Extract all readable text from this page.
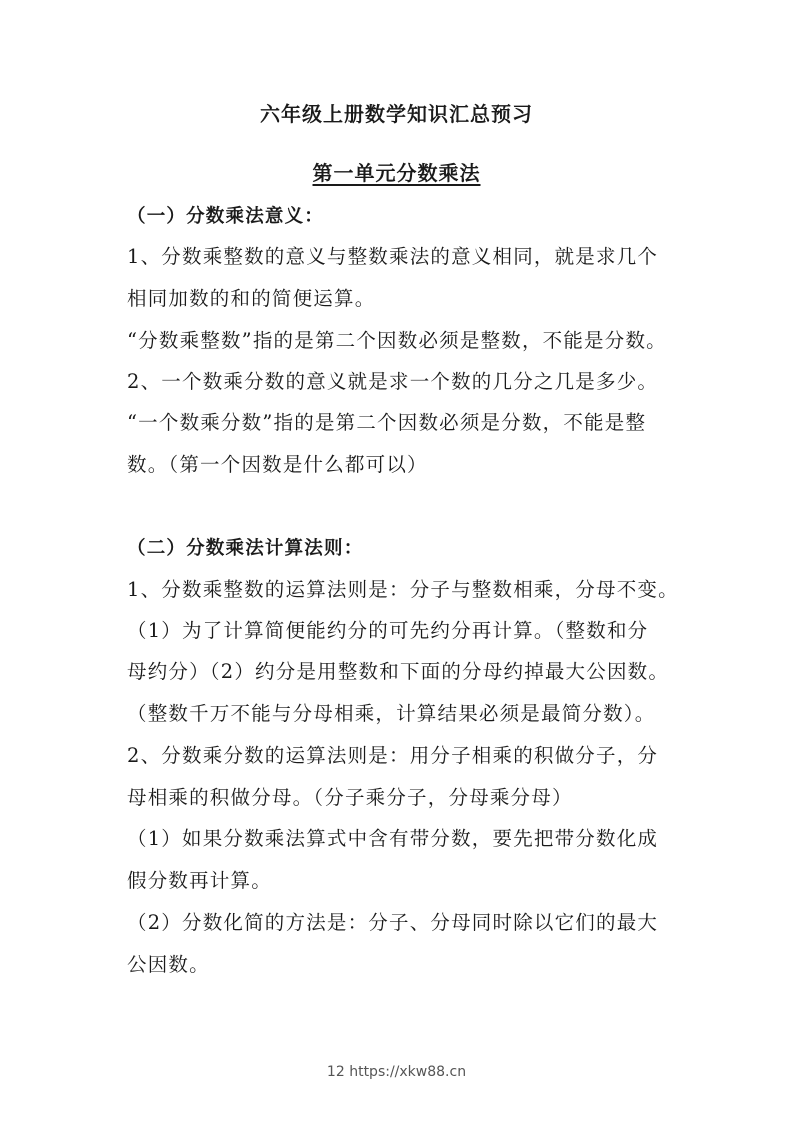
六年级上册数学知识汇总预习
第一单元分数乘法
（一）分数乘法意义：
1、分数乘整数的意义与整数乘法的意义相同，就是求几个
相同加数的和的简便运算。
“分数乘整数”指的是第二个因数必须是整数，不能是分数。
2、一个数乘分数的意义就是求一个数的几分之几是多少。
“一个数乘分数”指的是第二个因数必须是分数，不能是整
数。（第一个因数是什么都可以）
（二）分数乘法计算法则：
1、分数乘整数的运算法则是：分子与整数相乘，分母不变。
（1）为了计算简便能约分的可先约分再计算。（整数和分
母约分）（2）约分是用整数和下面的分母约掉最大公因数。
（整数千万不能与分母相乘，计算结果必须是最简分数）。
2、分数乘分数的运算法则是：用分子相乘的积做分子，分
母相乘的积做分母。（分子乘分子，分母乘分母）
（1）如果分数乘法算式中含有带分数，要先把带分数化成
假分数再计算。
（2）分数化简的方法是：分子、分母同时除以它们的最大
公因数。
12 https://xkw88.cn
